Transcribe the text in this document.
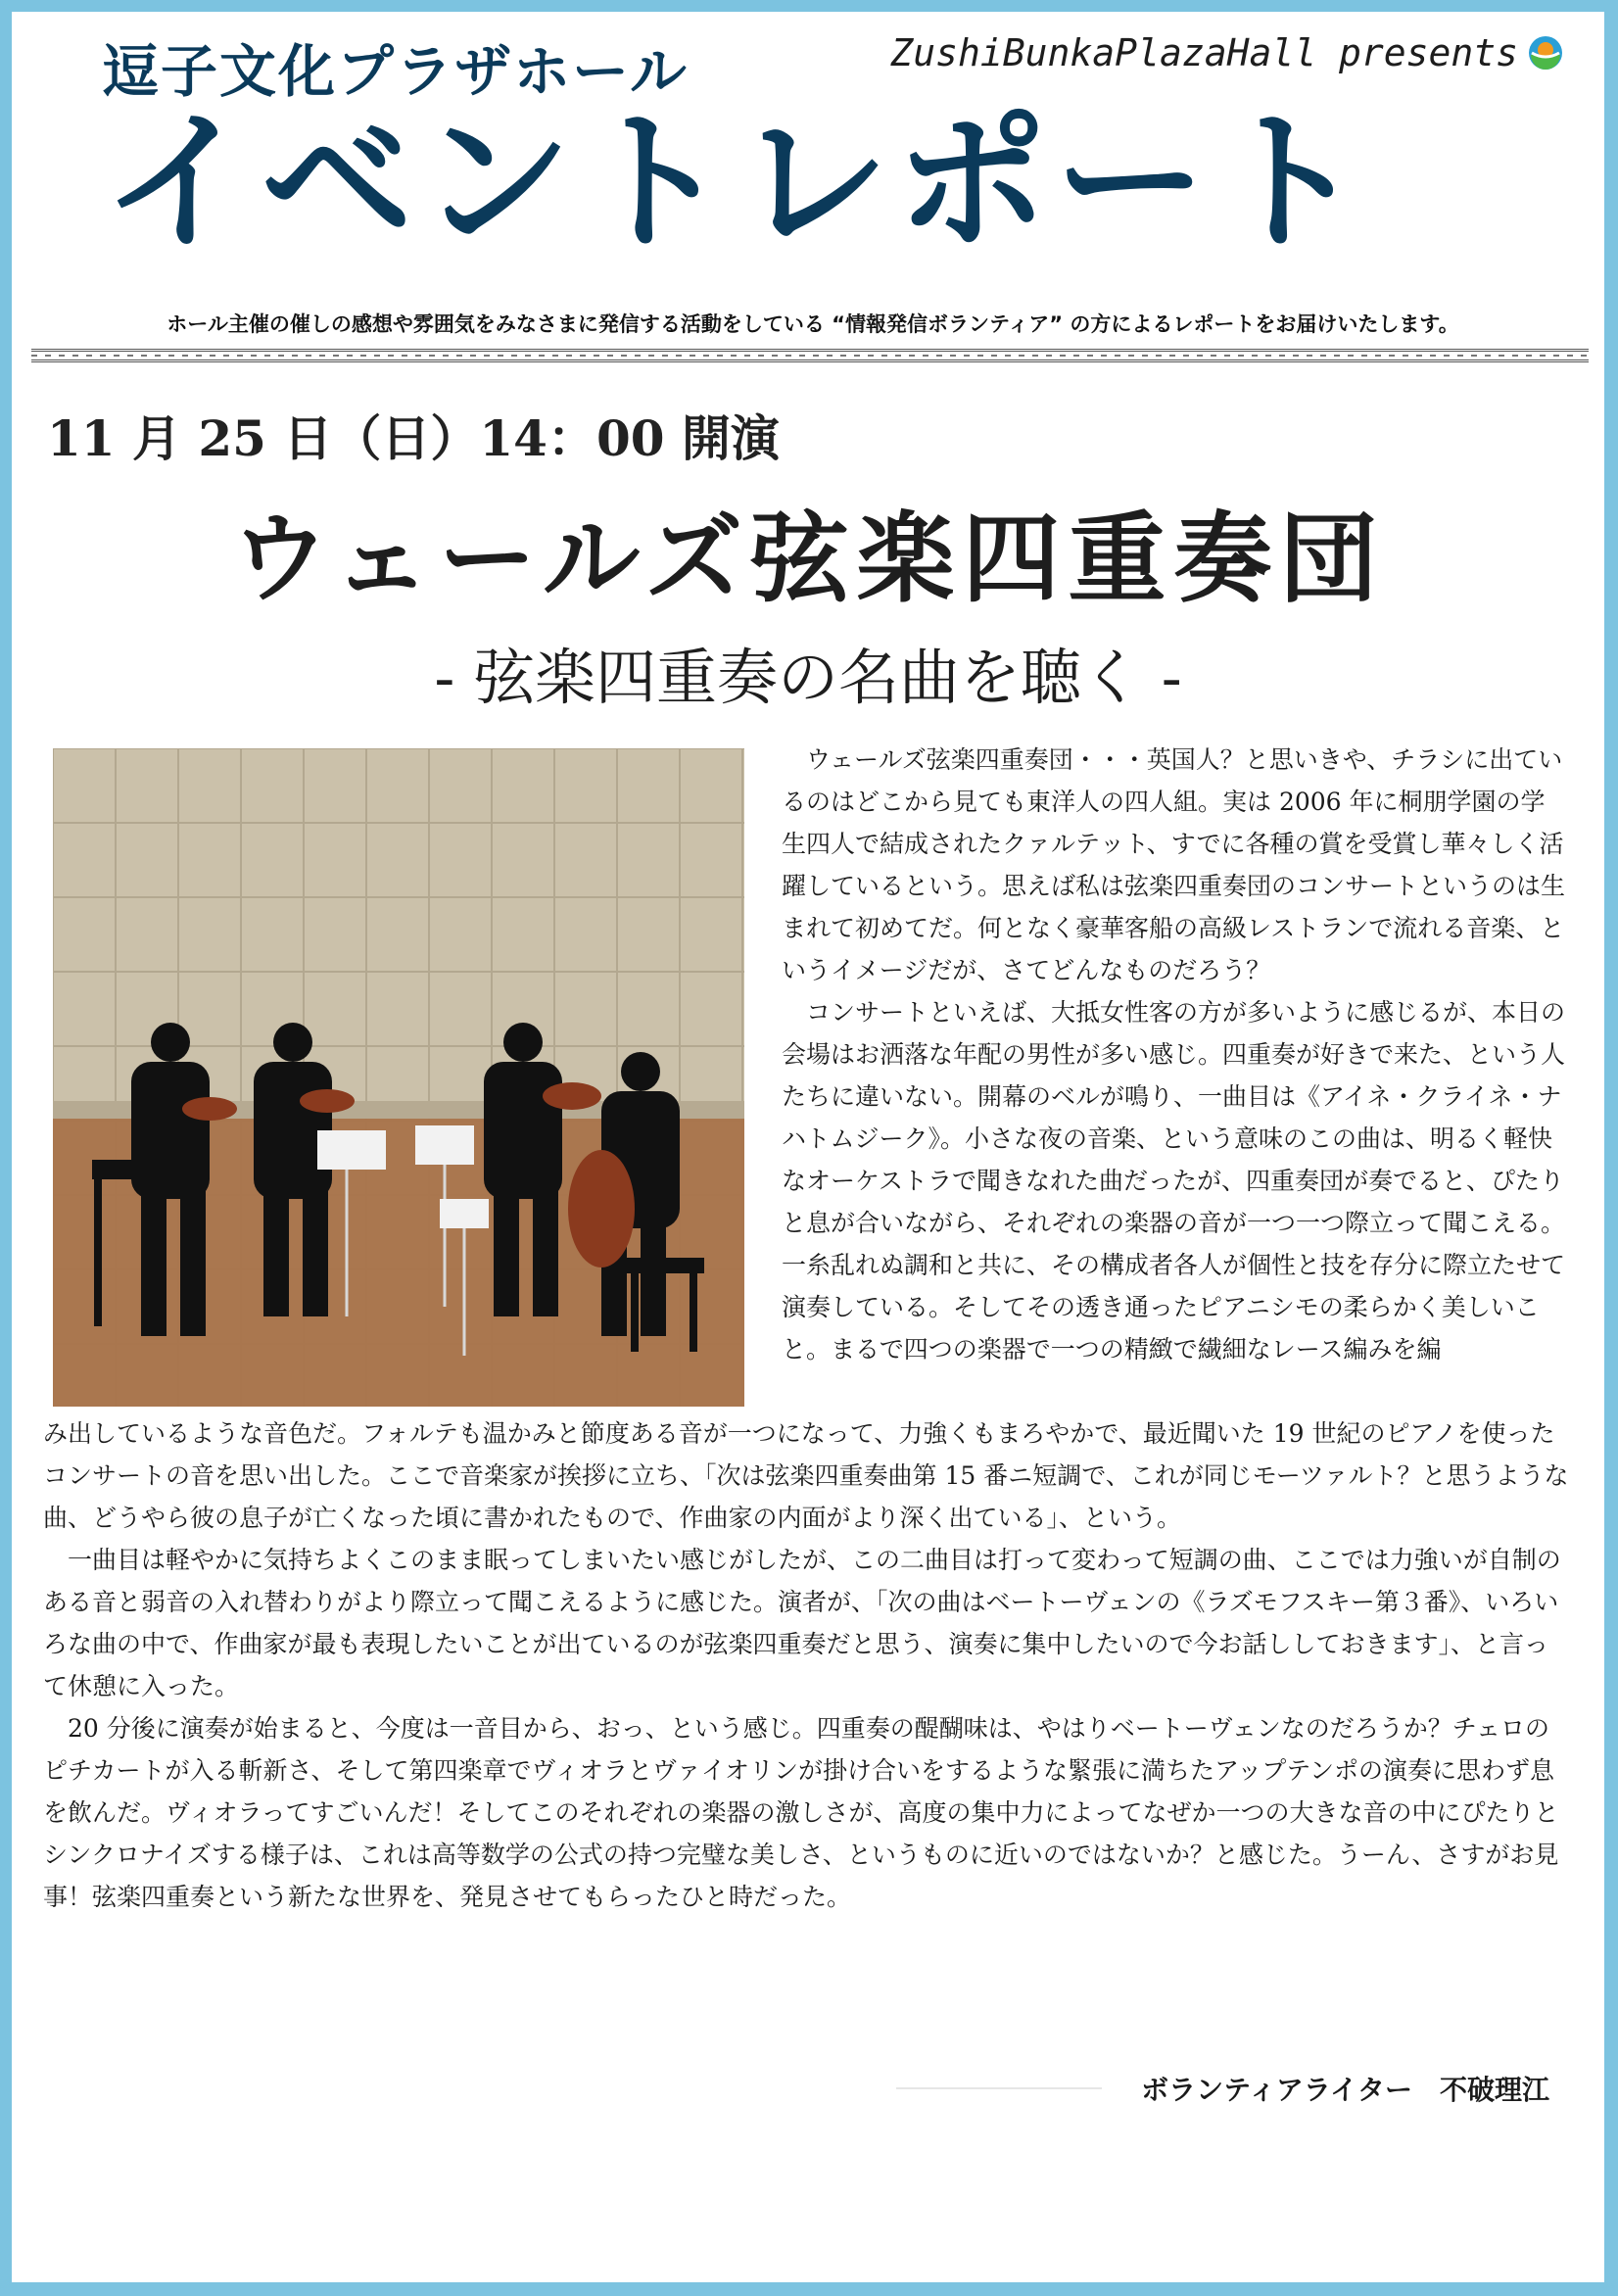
逗子文化プラザホール	ZushiBunkaPlazaHall presents
イベントレポート
ホール主催の催しの感想や雰囲気をみなさまに発信する活動をしている “情報発信ボランティア” の方によるレポートをお届けいたします。
11 月 25 日（日）14：00 開演
ウェールズ弦楽四重奏団
- 弦楽四重奏の名曲を聴く -

ウェールズ弦楽四重奏団・・・英国人？と思いきや、チラシに出ているのはどこから見ても東洋人の四人組。実は 2006 年に桐朋学園の学生四人で結成されたクァルテット、すでに各種の賞を受賞し華々しく活躍しているという。思えば私は弦楽四重奏団のコンサートというのは生まれて初めてだ。何となく豪華客船の高級レストランで流れる音楽、というイメージだが、さてどんなものだろう？

コンサートといえば、大抵女性客の方が多いように感じるが、本日の会場はお洒落な年配の男性が多い感じ。四重奏が好きで来た、という人たちに違いない。開幕のベルが鳴り、一曲目は《アイネ・クライネ・ナハトムジーク》。小さな夜の音楽、という意味のこの曲は、明るく軽快なオーケストラで聞きなれた曲だったが、四重奏団が奏でると、ぴたりと息が合いながら、それぞれの楽器の音が一つ一つ際立って聞こえる。一糸乱れぬ調和と共に、その構成者各人が個性と技を存分に際立たせて演奏している。そしてその透き通ったピアニシモの柔らかく美しいこと。まるで四つの楽器で一つの精緻で繊細なレース編みを編

み出しているような音色だ。フォルテも温かみと節度ある音が一つになって、力強くもまろやかで、最近聞いた 19 世紀のピアノを使ったコンサートの音を思い出した。ここで音楽家が挨拶に立ち、「次は弦楽四重奏曲第 15 番ニ短調で、これが同じモーツァルト？と思うような曲、どうやら彼の息子が亡くなった頃に書かれたもので、作曲家の内面がより深く出ている」、という。

一曲目は軽やかに気持ちよくこのまま眠ってしまいたい感じがしたが、この二曲目は打って変わって短調の曲、ここでは力強いが自制のある音と弱音の入れ替わりがより際立って聞こえるように感じた。演者が、「次の曲はベートーヴェンの《ラズモフスキー第３番》、いろいろな曲の中で、作曲家が最も表現したいことが出ているのが弦楽四重奏だと思う、演奏に集中したいので今お話ししておきます」、と言って休憩に入った。

20 分後に演奏が始まると、今度は一音目から、おっ、という感じ。四重奏の醍醐味は、やはりベートーヴェンなのだろうか？チェロのピチカートが入る斬新さ、そして第四楽章でヴィオラとヴァイオリンが掛け合いをするような緊張に満ちたアップテンポの演奏に思わず息を飲んだ。ヴィオラってすごいんだ！そしてこのそれぞれの楽器の激しさが、高度の集中力によってなぜか一つの大きな音の中にぴたりとシンクロナイズする様子は、これは高等数学の公式の持つ完璧な美しさ、というものに近いのではないか？と感じた。うーん、さすがお見事！弦楽四重奏という新たな世界を、発見させてもらったひと時だった。

ボランティアライター　不破理江
